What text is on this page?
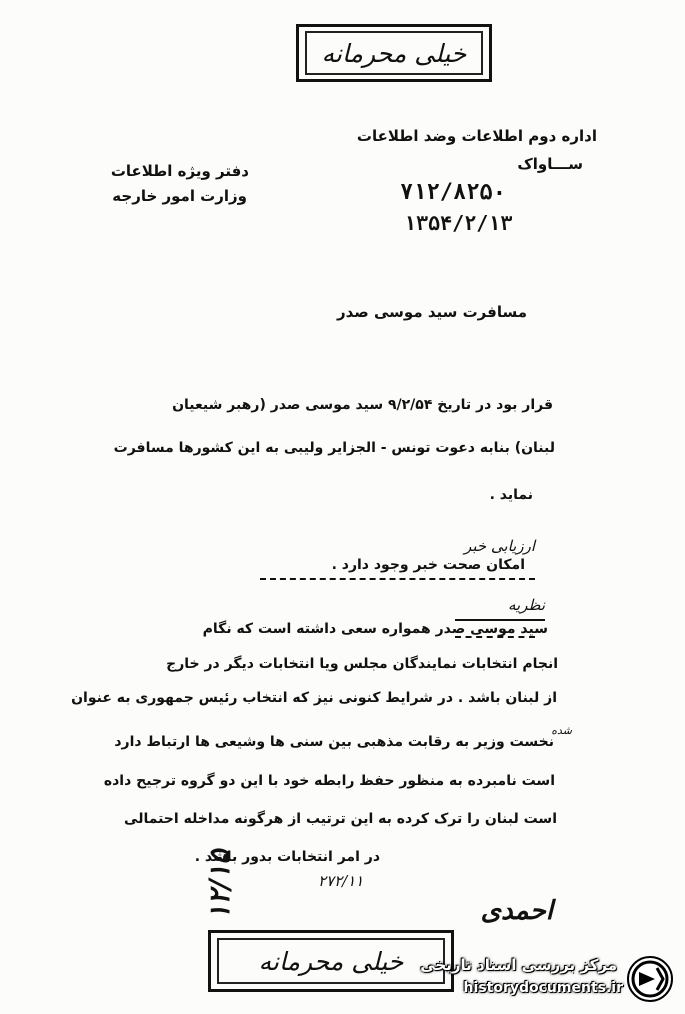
خیلی محرمانه
اداره دوم اطلاعات وضد اطلاعات
ســـاواک
۷۱۲/۸۲۵۰
۱۳۵۴/۲/۱۳
دفتر ویژه اطلاعات
وزارت امور خارجه
مسافرت سید موسی صدر
قرار بود در تاریخ ۹/۲/۵۴ سید موسی صدر (رهبر شیعیان
لبنان) بنابه دعوت تونس - الجزایر ولیبی به این کشورها مسافرت
نماید .
ارزیابی خبر
امکان صحت خبر وجود دارد .
نظریه
سید موسی صدر همواره سعی داشته است که نگام
انجام انتخابات نمایندگان مجلس ویا انتخابات دیگر در خارج
از لبنان باشد . در شرایط کنونی نیز که انتخاب رئیس جمهوری به عنوان
شده
نخست وزیر به رقابت مذهبی بین سنی ها وشیعی ها ارتباط دارد
است نامبرده به منظور حفظ رابطه خود با این دو گروه ترجیح داده
است لبنان را ترک کرده به این ترتیب از هرگونه مداخله احتمالی
در امر انتخابات بدور باشد .
۲۷۲/۱۱
احمدی
۱۲/۱۵
خیلی محرمانه مرکز بررسی اسناد تاریخی
historydocuments.ir
